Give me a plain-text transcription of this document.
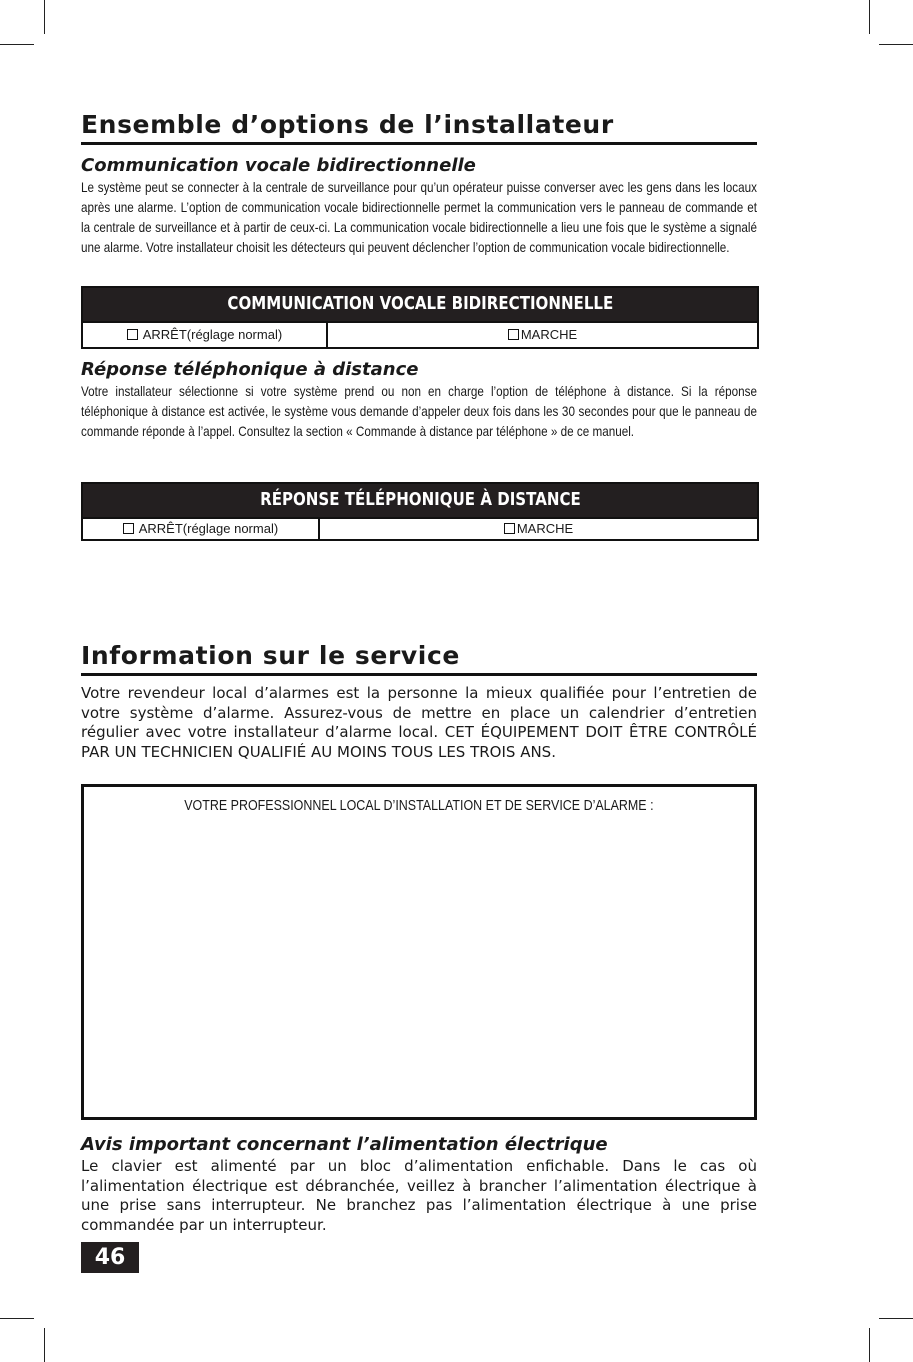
Ensemble d’options de l’installateur
Communication vocale bidirectionnelle

Le système peut se connecter à la centrale de surveillance pour qu’un opérateur puisse converser avec les gens dans les locaux après une alarme. L’option de communication vocale bidirectionnelle permet la communication vers le panneau de commande et la centrale de surveillance et à partir de ceux-ci. La communication vocale bidirectionnelle a lieu une fois que le système a signalé une alarme. Votre installateur choisit les détecteurs qui peuvent déclencher l’option de communication vocale bidirectionnelle.

COMMUNICATION VOCALE BIDIRECTIONNELLE
ARRÊT(réglage normal)	MARCHE
Réponse téléphonique à distance

Votre installateur sélectionne si votre système prend ou non en charge l’option de téléphone à distance. Si la réponse téléphonique à distance est activée, le système vous demande d’appeler deux fois dans les 30 secondes pour que le panneau de commande réponde à l’appel. Consultez la section « Commande à distance par téléphone » de ce manuel.

RÉPONSE TÉLÉPHONIQUE À DISTANCE
ARRÊT(réglage normal)	MARCHE
Information sur le service

Votre revendeur local d’alarmes est la personne la mieux qualifiée pour l’entretien de votre système d’alarme. Assurez-vous de mettre en place un calendrier d’entretien régulier avec votre installateur d’alarme local. CET ÉQUIPEMENT DOIT ÊTRE CONTRÔLÉ PAR UN TECHNICIEN QUALIFIÉ AU MOINS TOUS LES TROIS ANS.

VOTRE PROFESSIONNEL LOCAL D’INSTALLATION ET DE SERVICE D’ALARME :
Avis important concernant l’alimentation électrique

Le clavier est alimenté par un bloc d’alimentation enfichable. Dans le cas où l’alimentation électrique est débranchée, veillez à brancher l’alimentation électrique à une prise sans interrupteur. Ne branchez pas l’alimentation électrique à une prise commandée par un interrupteur.

46
